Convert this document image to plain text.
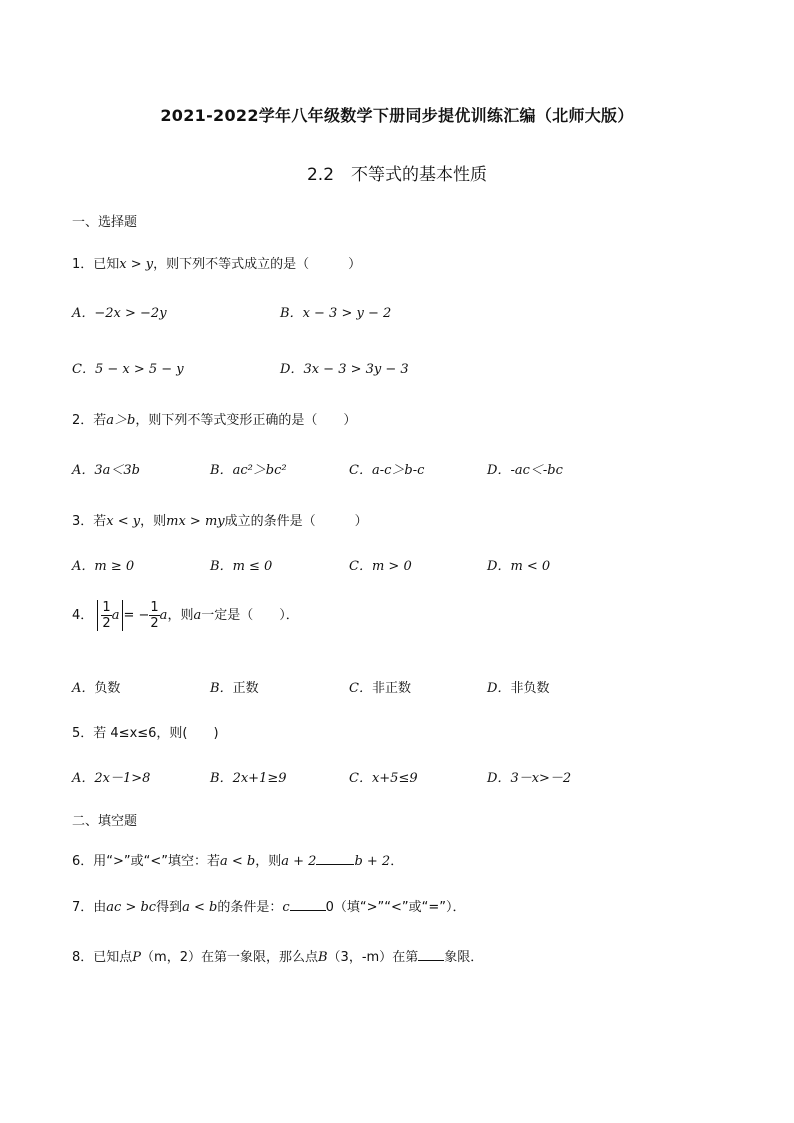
2021-2022学年八年级数学下册同步提优训练汇编（北师大版）
2.2　不等式的基本性质
一、选择题
1．已知x > y，则下列不等式成立的是（　　　）
A．−2x > −2y	B．x − 3 > y − 2
C．5 − x > 5 − y	D．3x − 3 > 3y − 3
2．若a＞b，则下列不等式变形正确的是（　　）
A．3a＜3b	B．ac²＞bc²	C．a-c＞b-c	D．-ac＜-bc
3．若x < y，则mx > my成立的条件是（　　　）
A．m ≥ 0	B．m ≤ 0	C．m > 0	D．m < 0
4． $\frac{1}{2}$ a = − $\frac{1}{2}$ a，则a一定是（　　）．
A．负数	B．正数	C．非正数	D．非负数
5．若 4≤x≤6，则(　　)
A．2x－1>8	B．2x+1≥9	C．x+5≤9	D．3－x>－2
二、填空题
6．用“>”或“<”填空：若a < b，则a + 2	b + 2．
7．由ac > bc得到a < b的条件是：c	0（填“>”“<”或“=”）．
8．已知点P（m，2）在第一象限，那么点B（3，-m）在第 象限．
